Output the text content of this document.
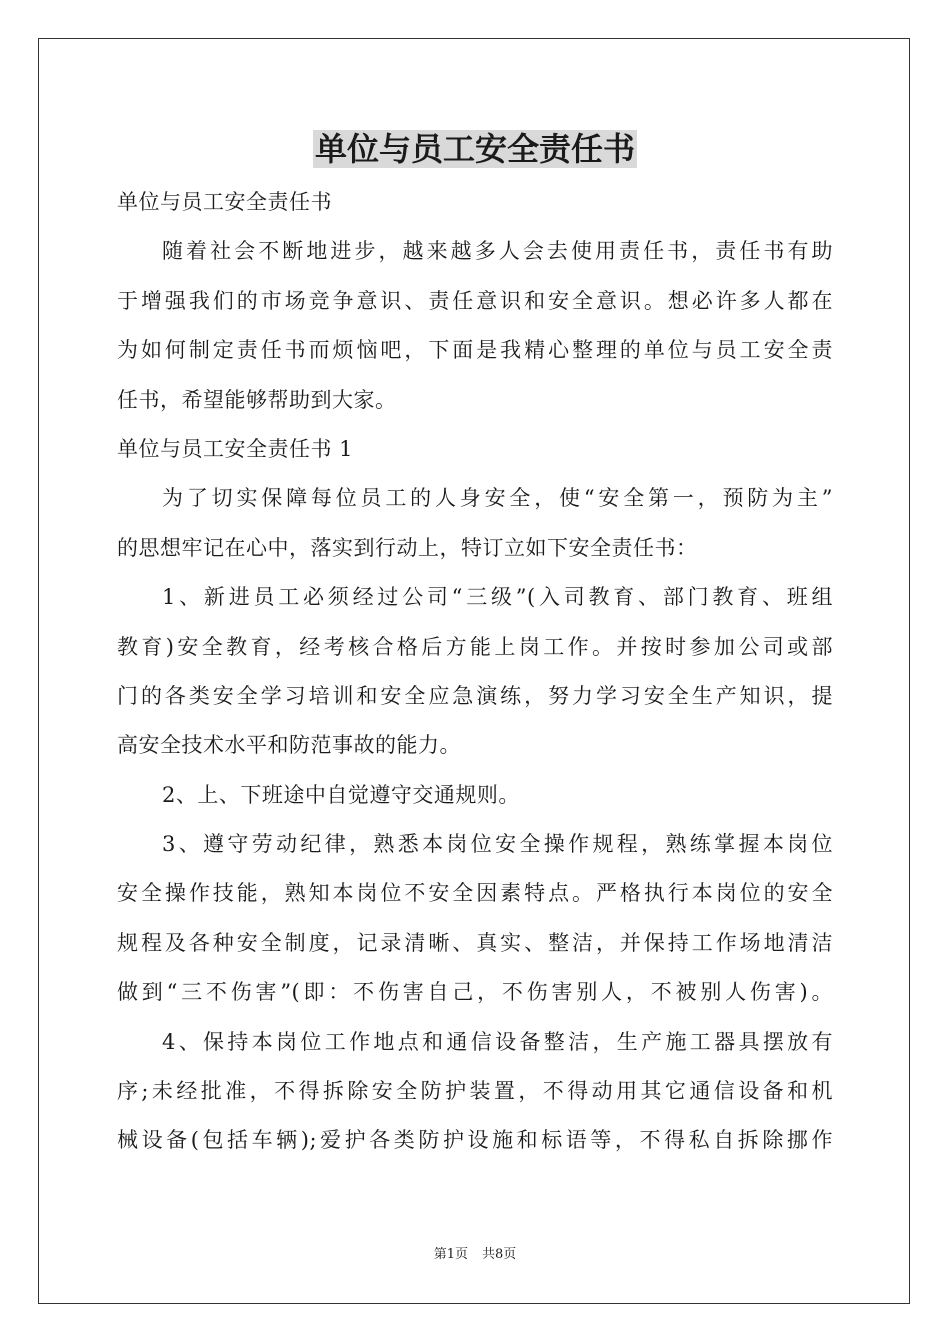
单位与员工安全责任书
单位与员工安全责任书
随着社会不断地进步，越来越多人会去使用责任书，责任书有助
于增强我们的市场竞争意识、责任意识和安全意识。想必许多人都在
为如何制定责任书而烦恼吧，下面是我精心整理的单位与员工安全责
任书，希望能够帮助到大家。
单位与员工安全责任书 1
为了切实保障每位员工的人身安全，使“安全第一，预防为主”
的思想牢记在心中，落实到行动上，特订立如下安全责任书：
1、新进员工必须经过公司“三级”(入司教育、部门教育、班组
教育)安全教育，经考核合格后方能上岗工作。并按时参加公司或部
门的各类安全学习培训和安全应急演练，努力学习安全生产知识，提
高安全技术水平和防范事故的能力。
2、上、下班途中自觉遵守交通规则。
3、遵守劳动纪律，熟悉本岗位安全操作规程，熟练掌握本岗位
安全操作技能，熟知本岗位不安全因素特点。严格执行本岗位的安全
规程及各种安全制度，记录清晰、真实、整洁，并保持工作场地清洁
做到“三不伤害”(即：不伤害自己，不伤害别人，不被别人伤害)。
4、保持本岗位工作地点和通信设备整洁，生产施工器具摆放有
序;未经批准，不得拆除安全防护装置，不得动用其它通信设备和机
械设备(包括车辆);爱护各类防护设施和标语等，不得私自拆除挪作
第1页 共8页
